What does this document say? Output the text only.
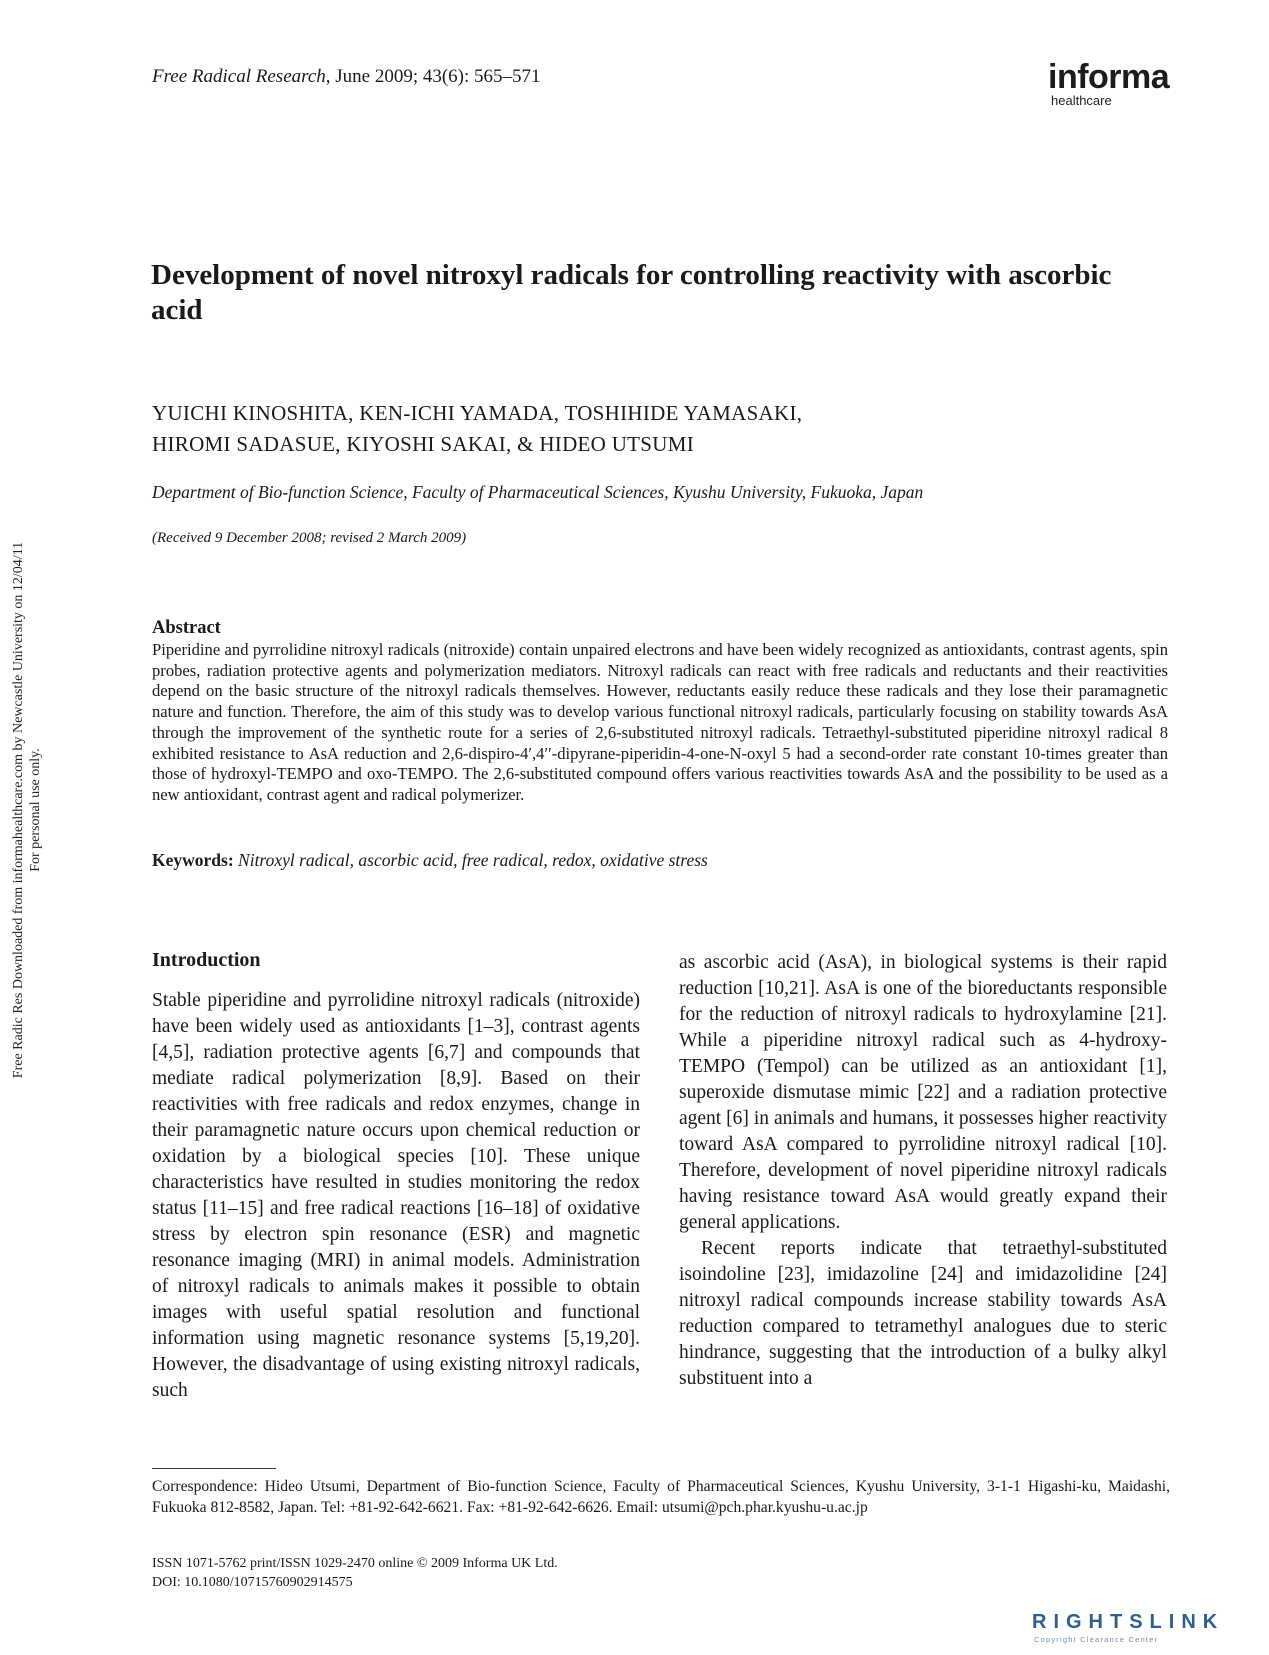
Free Radical Research, June 2009; 43(6): 565–571	informa
healthcare
Free Radic Res Downloaded from informahealthcare.com by Newcastle University on 12/04/11 For personal use only.
Development of novel nitroxyl radicals for controlling reactivity with ascorbic acid
YUICHI KINOSHITA, KEN-ICHI YAMADA, TOSHIHIDE YAMASAKI,
HIROMI SADASUE, KIYOSHI SAKAI, & HIDEO UTSUMI
Department of Bio-function Science, Faculty of Pharmaceutical Sciences, Kyushu University, Fukuoka, Japan
(Received 9 December 2008; revised 2 March 2009)
Abstract
Piperidine and pyrrolidine nitroxyl radicals (nitroxide) contain unpaired electrons and have been widely recognized as antioxidants, contrast agents, spin probes, radiation protective agents and polymerization mediators. Nitroxyl radicals can react with free radicals and reductants and their reactivities depend on the basic structure of the nitroxyl radicals themselves. However, reductants easily reduce these radicals and they lose their paramagnetic nature and function. Therefore, the aim of this study was to develop various functional nitroxyl radicals, particularly focusing on stability towards AsA through the improvement of the synthetic route for a series of 2,6-substituted nitroxyl radicals. Tetraethyl-substituted piperidine nitroxyl radical 8 exhibited resistance to AsA reduction and 2,6-dispiro-4′,4′′-dipyrane-piperidin-4-one-N-oxyl 5 had a second-order rate constant 10-times greater than those of hydroxyl-TEMPO and oxo-TEMPO. The 2,6-substituted compound offers various reactivities towards AsA and the possibility to be used as a new antioxidant, contrast agent and radical polymerizer.
Keywords: Nitroxyl radical, ascorbic acid, free radical, redox, oxidative stress
Introduction

Stable piperidine and pyrrolidine nitroxyl radicals (nitroxide) have been widely used as antioxidants [1–3], contrast agents [4,5], radiation protective agents [6,7] and compounds that mediate radical polymerization [8,9]. Based on their reactivities with free radicals and redox enzymes, change in their paramagnetic nature occurs upon chemical reduction or oxidation by a biological species [10]. These unique characteristics have resulted in studies monitoring the redox status [11–15] and free radical reactions [16–18] of oxidative stress by electron spin resonance (ESR) and magnetic resonance imaging (MRI) in animal models. Administration of nitroxyl radicals to animals makes it possible to obtain images with useful spatial resolution and functional information using magnetic resonance systems [5,19,20]. However, the disadvantage of using existing nitroxyl radicals, such

as ascorbic acid (AsA), in biological systems is their rapid reduction [10,21]. AsA is one of the bioreductants responsible for the reduction of nitroxyl radicals to hydroxylamine [21]. While a piperidine nitroxyl radical such as 4-hydroxy-TEMPO (Tempol) can be utilized as an antioxidant [1], superoxide dismutase mimic [22] and a radiation protective agent [6] in animals and humans, it possesses higher reactivity toward AsA compared to pyrrolidine nitroxyl radical [10]. Therefore, development of novel piperidine nitroxyl radicals having resistance toward AsA would greatly expand their general applications.

Recent reports indicate that tetraethyl-substituted isoindoline [23], imidazoline [24] and imidazolidine [24] nitroxyl radical compounds increase stability towards AsA reduction compared to tetramethyl analogues due to steric hindrance, suggesting that the introduction of a bulky alkyl substituent into a

Correspondence: Hideo Utsumi, Department of Bio-function Science, Faculty of Pharmaceutical Sciences, Kyushu University, 3-1-1 Higashi-ku, Maidashi, Fukuoka 812-8582, Japan. Tel: +81-92-642-6621. Fax: +81-92-642-6626. Email: utsumi@pch.phar.kyushu-u.ac.jp
ISSN 1071-5762 print/ISSN 1029-2470 online © 2009 Informa UK Ltd.
DOI: 10.1080/10715760902914575
RIGHTSLINK
Copyright Clearance Center
